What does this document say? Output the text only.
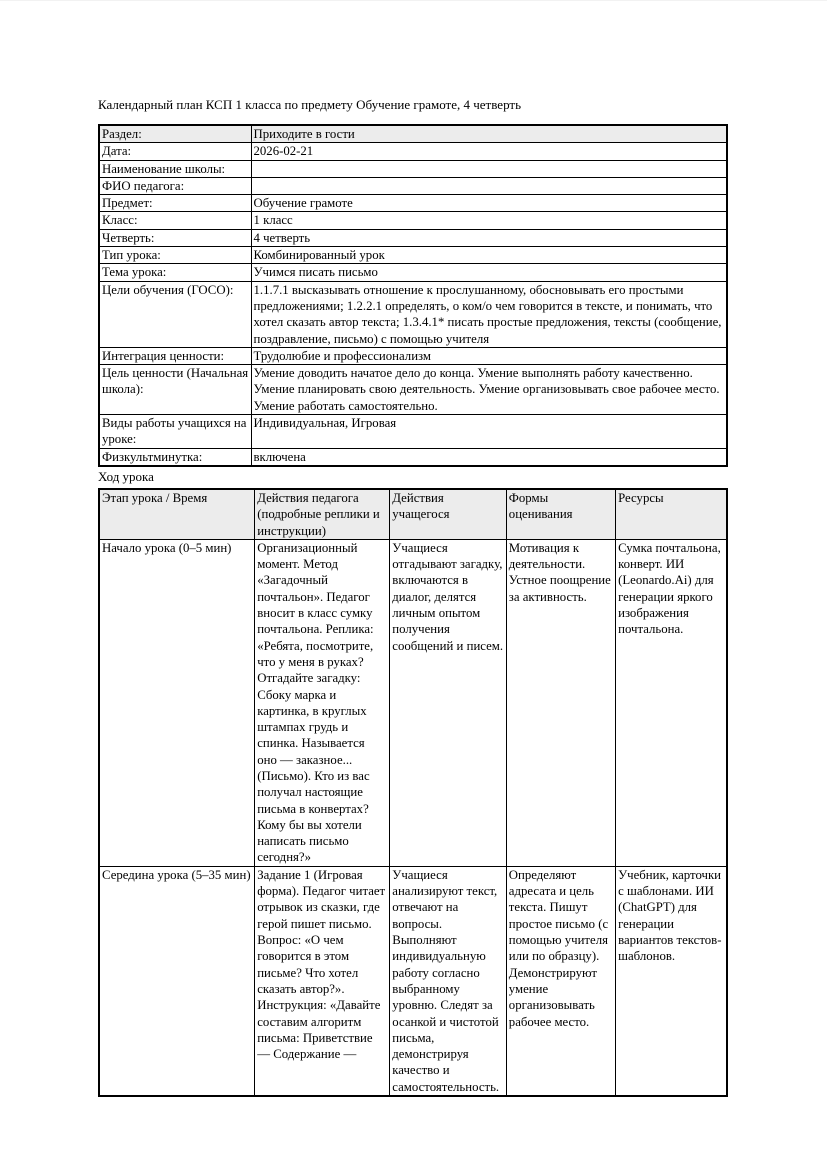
Календарный план КСП 1 класса по предмету Обучение грамоте, 4 четверть
Раздел:	Приходите в гости
Дата:	2026-02-21
Наименование школы:	
ФИО педагога:	
Предмет:	Обучение грамоте
Класс:	1 класс
Четверть:	4 четверть
Тип урока:	Комбинированный урок
Тема урока:	Учимся писать письмо
Цели обучения (ГОСО):	1.1.7.1 высказывать отношение к прослушанному, обосновывать его простыми предложениями; 1.2.2.1 определять, о ком/о чем говорится в тексте, и понимать, что хотел сказать автор текста; 1.3.4.1* писать простые предложения, тексты (сообщение, поздравление, письмо) с помощью учителя
Интеграция ценности:	Трудолюбие и профессионализм
Цель ценности (Начальная школа):	Умение доводить начатое дело до конца. Умение выполнять работу качественно. Умение планировать свою деятельность. Умение организовывать свое рабочее место. Умение работать самостоятельно.
Виды работы учащихся на уроке:	Индивидуальная, Игровая
Физкультминутка:	включена

Ход урока

Этап урока / Время	Действия педагога (подробные реплики и инструкции)	Действия учащегося	Формы оценивания	Ресурсы
Начало урока (0–5 мин)	Организационный момент. Метод «Загадочный почтальон». Педагог вносит в класс сумку почтальона. Реплика: «Ребята, посмотрите, что у меня в руках? Отгадайте загадку: Сбоку марка и картинка, в круглых штампах грудь и спинка. Называется оно — заказное... (Письмо). Кто из вас получал настоящие письма в конвертах? Кому бы вы хотели написать письмо сегодня?»	Учащиеся отгадывают загадку, включаются в диалог, делятся личным опытом получения сообщений и писем.	Мотивация к деятельности. Устное поощрение за активность.	Сумка почтальона, конверт. ИИ (Leonardo.Ai) для генерации яркого изображения почтальона.
Середина урока (5–35 мин)	Задание 1 (Игровая форма). Педагог читает отрывок из сказки, где герой пишет письмо. Вопрос: «О чем говорится в этом письме? Что хотел сказать автор?». Инструкция: «Давайте составим алгоритм письма: Приветствие — Содержание —	Учащиеся анализируют текст, отвечают на вопросы. Выполняют индивидуальную работу согласно выбранному уровню. Следят за осанкой и чистотой письма, демонстрируя качество и самостоятельность.	Определяют адресата и цель текста. Пишут простое письмо (с помощью учителя или по образцу). Демонстрируют умение организовывать рабочее место.	Учебник, карточки с шаблонами. ИИ (ChatGPT) для генерации вариантов текстов-шаблонов.
